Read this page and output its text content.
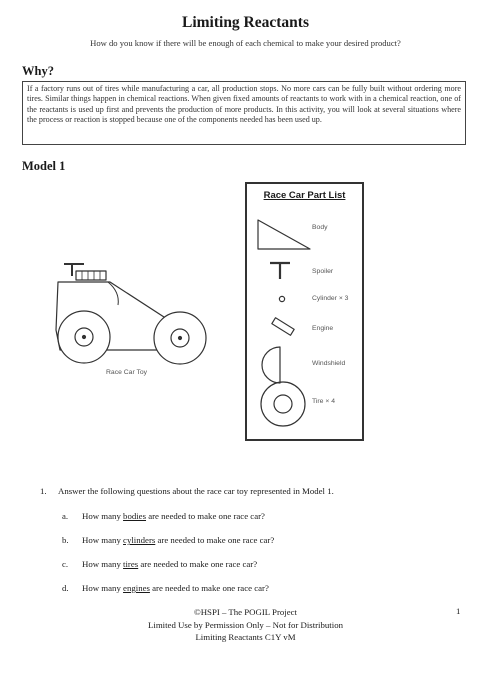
Limiting Reactants
How do you know if there will be enough of each chemical to make your desired product?
Why?
If a factory runs out of tires while manufacturing a car, all production stops. No more cars can be fully built without ordering more tires. Similar things happen in chemical reactions. When given fixed amounts of reactants to work with in a chemical reaction, one of the reactants is used up first and prevents the production of more products. In this activity, you will look at several situations where the process or reaction is stopped because one of the components needed has been used up.
Model 1
Race Car Toy
Race Car Part List
Body
Spoiler
Cylinder × 3
Engine
Windshield
Tire × 4
1. Answer the following questions about the race car toy represented in Model 1.
a. How many bodies are needed to make one race car?
b. How many cylinders are needed to make one race car?
c. How many tires are needed to make one race car?
d. How many engines are needed to make one race car?
©HSPI – The POGIL Project
Limited Use by Permission Only – Not for Distribution
Limiting Reactants C1Y vM
1
